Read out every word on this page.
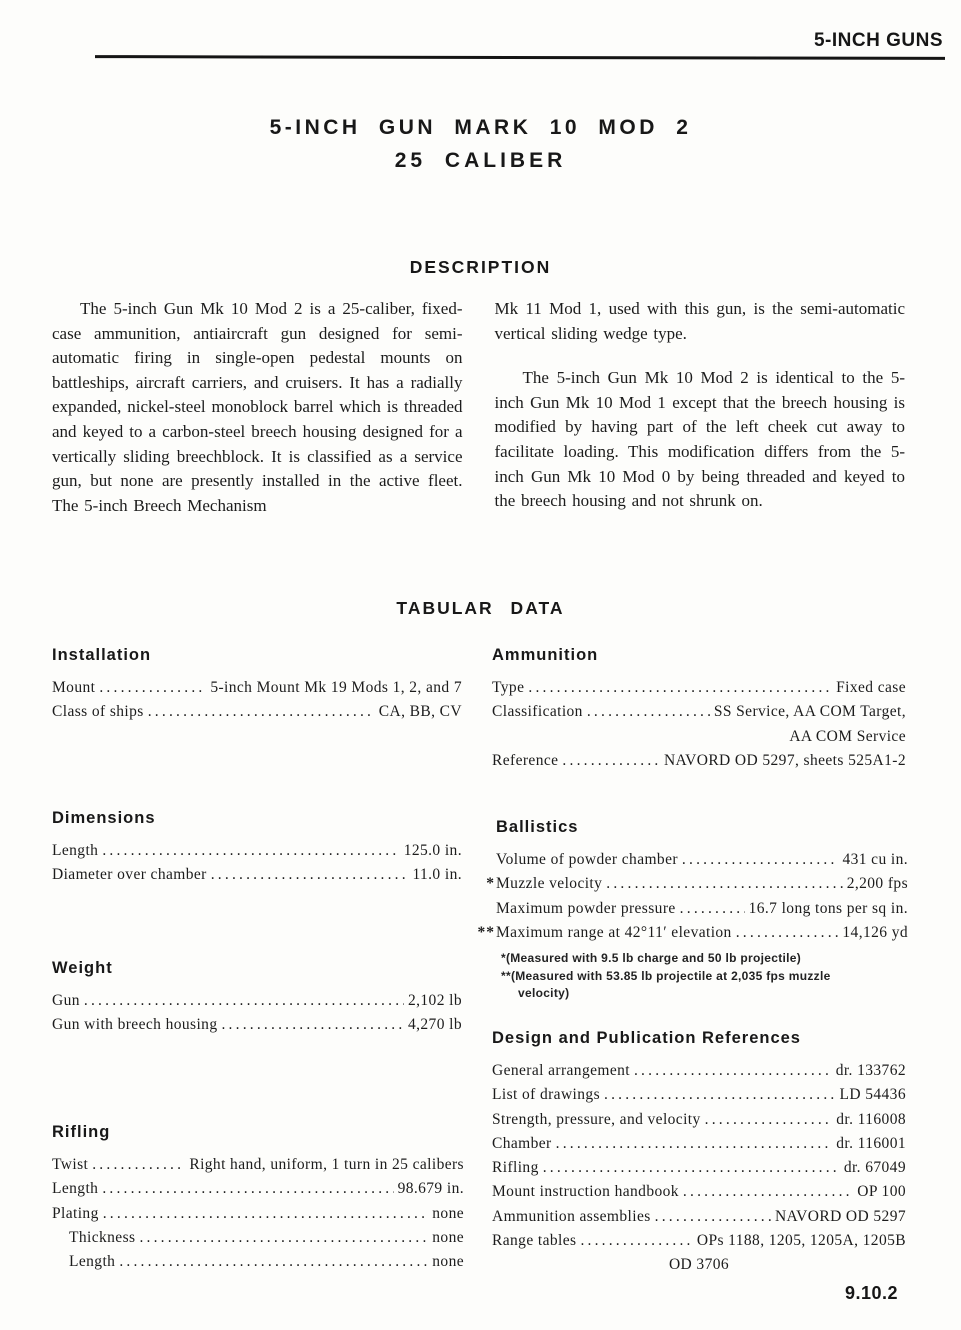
5-INCH GUNS
5-INCH GUN MARK 10 MOD 2
25 CALIBER
DESCRIPTION

The 5-inch Gun Mk 10 Mod 2 is a 25-caliber, fixed-case ammunition, antiaircraft gun designed for semi-automatic firing in single-open pedestal mounts on battleships, aircraft carriers, and cruisers. It has a radially expanded, nickel-steel monoblock barrel which is threaded and keyed to a carbon-steel breech housing designed for a vertically sliding breechblock. It is classified as a service gun, but none are presently installed in the active fleet. The 5-inch Breech Mechanism

Mk 11 Mod 1, used with this gun, is the semi-automatic vertical sliding wedge type.

The 5-inch Gun Mk 10 Mod 2 is identical to the 5-inch Gun Mk 10 Mod 1 except that the breech housing is modified by having part of the left cheek cut away to facilitate loading. This modification differs from the 5-inch Gun Mk 10 Mod 0 by being threaded and keyed to the breech housing and not shrunk on.

TABULAR DATA
Installation
Mount .....	5-inch Mount Mk 19 Mods 1, 2, and 7
Class of ships .....	CA, BB, CV
Dimensions
Length .....	125.0 in.
Diameter over chamber .....	11.0 in.
Weight
Gun .....	2,102 lb
Gun with breech housing .....	4,270 lb
Rifling
Twist .....	Right hand, uniform, 1 turn in 25 calibers
Length .....	98.679 in.
Plating .....	none
Thickness .....	none
Length .....	none
Ammunition
Type .....	Fixed case
Classification .....	SS Service, AA COM Target,
AA COM Service
Reference .....	NAVORD OD 5297, sheets 525A1-2
Ballistics
Volume of powder chamber .....	431 cu in.
* Muzzle velocity .....	2,200 fps
Maximum powder pressure .....	16.7 long tons per sq in.
** Maximum range at 42°11′ elevation .....	14,126 yd
*(Measured with 9.5 lb charge and 50 lb projectile)
**(Measured with 53.85 lb projectile at 2,035 fps muzzle velocity)
Design and Publication References
General arrangement .....	dr. 133762
List of drawings .....	LD 54436
Strength, pressure, and velocity .....	dr. 116008
Chamber .....	dr. 116001
Rifling .....	dr. 67049
Mount instruction handbook .....	OP 100
Ammunition assemblies .....	NAVORD OD 5297
Range tables .....	OPs 1188, 1205, 1205A, 1205B
OD 3706
9.10.2
